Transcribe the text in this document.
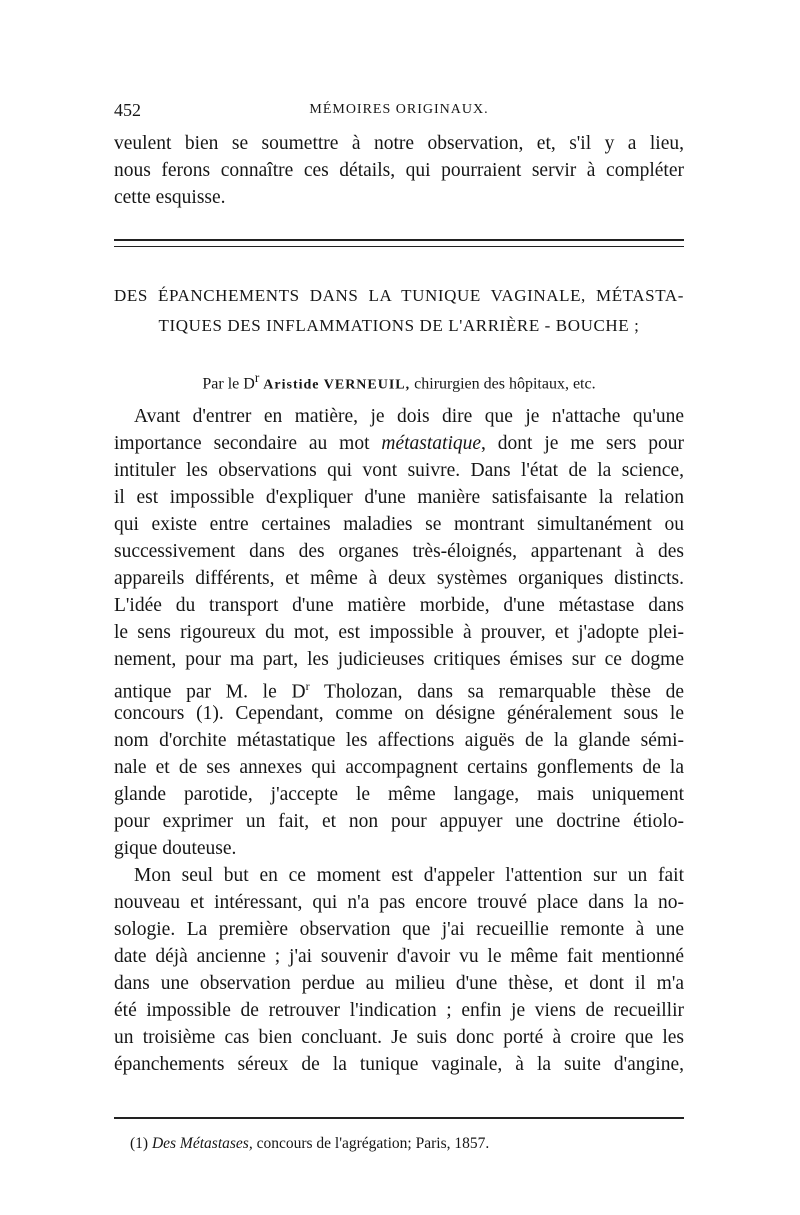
452	MÉMOIRES ORIGINAUX.
veulent bien se soumettre à notre observation, et, s'il y a lieu,
nous ferons connaître ces détails, qui pourraient servir à compléter
cette esquisse.
DES ÉPANCHEMENTS DANS LA TUNIQUE VAGINALE, MÉTASTA-
TIQUES DES INFLAMMATIONS DE L'ARRIÈRE - BOUCHE ;
Par le $D^r$ Aristide VERNEUIL, chirurgien des hôpitaux, etc.
Avant d'entrer en matière, je dois dire que je n'attache qu'une
importance secondaire au mot métastatique, dont je me sers pour
intituler les observations qui vont suivre. Dans l'état de la science,
il est impossible d'expliquer d'une manière satisfaisante la relation
qui existe entre certaines maladies se montrant simultanément ou
successivement dans des organes très-éloignés, appartenant à des
appareils différents, et même à deux systèmes organiques distincts.
L'idée du transport d'une matière morbide, d'une métastase dans
le sens rigoureux du mot, est impossible à prouver, et j'adopte plei-
nement, pour ma part, les judicieuses critiques émises sur ce dogme
antique par M. le $D^r$ Tholozan, dans sa remarquable thèse de
concours (1). Cependant, comme on désigne généralement sous le
nom d'orchite métastatique les affections aiguës de la glande sémi-
nale et de ses annexes qui accompagnent certains gonflements de la
glande parotide, j'accepte le même langage, mais uniquement
pour exprimer un fait, et non pour appuyer une doctrine étiolo-
gique douteuse.
Mon seul but en ce moment est d'appeler l'attention sur un fait
nouveau et intéressant, qui n'a pas encore trouvé place dans la no-
sologie. La première observation que j'ai recueillie remonte à une
date déjà ancienne ; j'ai souvenir d'avoir vu le même fait mentionné
dans une observation perdue au milieu d'une thèse, et dont il m'a
été impossible de retrouver l'indication ; enfin je viens de recueillir
un troisième cas bien concluant. Je suis donc porté à croire que les
épanchements séreux de la tunique vaginale, à la suite d'angine,
(1) Des Métastases, concours de l'agrégation; Paris, 1857.
